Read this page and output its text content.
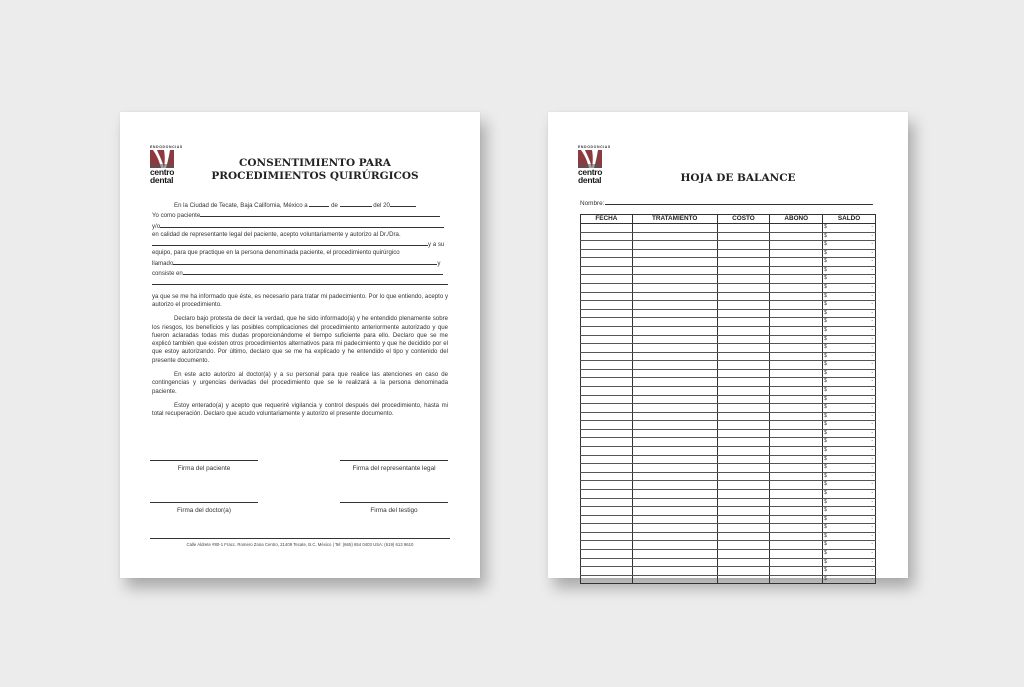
ENDODONCIAS
centro
dental
CONSENTIMIENTO PARA
PROCEDIMIENTOS QUIRÚRGICOS
En la Ciudad de Tecate, Baja California, México a	de	del 20
Yo como paciente
y/o
en calidad de representante legal del paciente, acepto voluntariamente y autorizo al Dr./Dra.
y a su
equipo, para que practique en la persona denominada paciente, el procedimiento quirúrgico
llamado	y
consiste en
ya que se me ha informado que éste, es necesario para tratar mi padecimiento. Por lo que entiendo, acepto y autorizo el procedimiento.
Declaro bajo protesta de decir la verdad, que he sido informado(a) y he entendido plenamente sobre los riesgos, los beneficios y las posibles complicaciones del procedimiento anteriormente autorizado y que fueron aclaradas todas mis dudas proporcionándome el tiempo suficiente para ello. Declaro que se me explicó también que existen otros procedimientos alternativos para mi padecimiento y que he decidido por el que estoy autorizando. Por último, declaro que se me ha explicado y he entendido el tipo y contenido del presente documento.
En este acto autorizo al doctor(a) y a su personal para que realice las atenciones en caso de contingencias y urgencias derivadas del procedimiento que se le realizará a la persona denominada paciente.
Estoy enterado(a) y acepto que requeriré vigilancia y control después del procedimiento, hasta mi total recuperación. Declaro que acudo voluntariamente y autorizo el presente documento.
Firma del paciente	Firma del representante legal
Firma del doctor(a)	Firma del testigo
Calle Aldrete #80-1 Fracc. Romero Zona Centro, 21409 Tecate, B.C. México | Tel: (665) 654 0403 USA: (619) 613 9610
ENDODONCIAS
centro
dental	HOJA DE BALANCE
Nombre:
FECHA	TRATAMIENTO	COSTO	ABONO	SALDO

				$ -

				$ -

				$ -

				$ -

				$ -

				$ -

				$ -

				$ -

				$ -

				$ -

				$ -

				$ -

				$ -

				$ -

				$ -

				$ -

				$ -

				$ -

				$ -

				$ -

				$ -

				$ -

				$ -

				$ -

				$ -

				$ -

				$ -

				$ -

				$ -

				$ -

				$ -

				$ -

				$ -

				$ -

				$ -

				$ -

				$ -

				$ -

				$ -

				$ -

				$ -

				$ -
